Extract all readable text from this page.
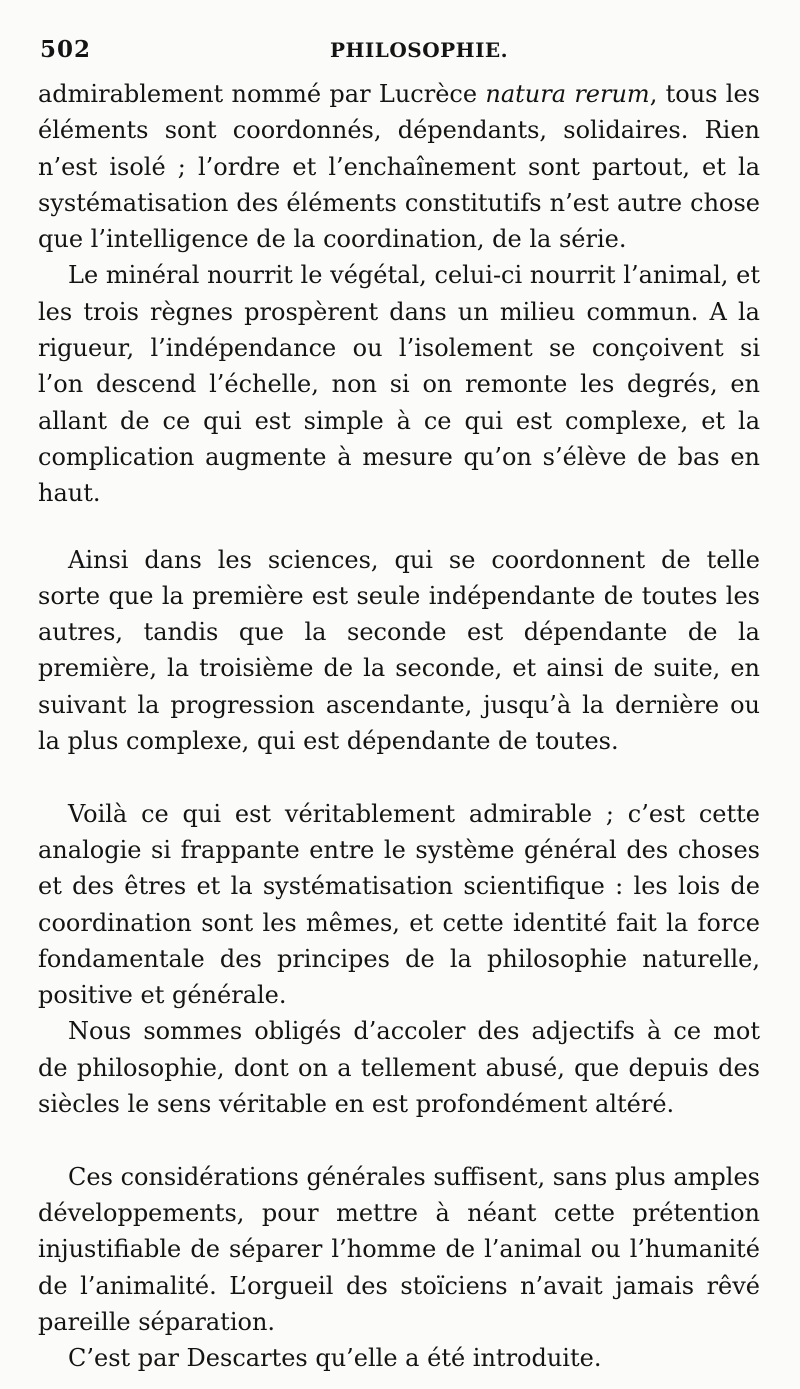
502	PHILOSOPHIE.

admirablement nommé par Lucrèce natura rerum, tous les éléments sont coordonnés, dépendants, solidaires. Rien n’est isolé ; l’ordre et l’enchaînement sont partout, et la systématisation des éléments constitutifs n’est autre chose que l’intelligence de la coordination, de la série.

Le minéral nourrit le végétal, celui-ci nourrit l’animal, et les trois règnes prospèrent dans un milieu commun. A la rigueur, l’indépendance ou l’isolement se conçoivent si l’on descend l’échelle, non si on remonte les degrés, en allant de ce qui est simple à ce qui est complexe, et la complication augmente à mesure qu’on s’élève de bas en haut.

Ainsi dans les sciences, qui se coordonnent de telle sorte que la première est seule indépendante de toutes les autres, tandis que la seconde est dépendante de la première, la troisième de la seconde, et ainsi de suite, en suivant la progression ascendante, jusqu’à la dernière ou la plus complexe, qui est dépendante de toutes.

Voilà ce qui est véritablement admirable ; c’est cette analogie si frappante entre le système général des choses et des êtres et la systématisation scientifique : les lois de coordination sont les mêmes, et cette identité fait la force fondamentale des principes de la philosophie naturelle, positive et générale.

Nous sommes obligés d’accoler des adjectifs à ce mot de philosophie, dont on a tellement abusé, que depuis des siècles le sens véritable en est profondément altéré.

Ces considérations générales suffisent, sans plus amples développements, pour mettre à néant cette prétention injustifiable de séparer l’homme de l’animal ou l’humanité de l’animalité. L’orgueil des stoïciens n’avait jamais rêvé pareille séparation.

C’est par Descartes qu’elle a été introduite.
